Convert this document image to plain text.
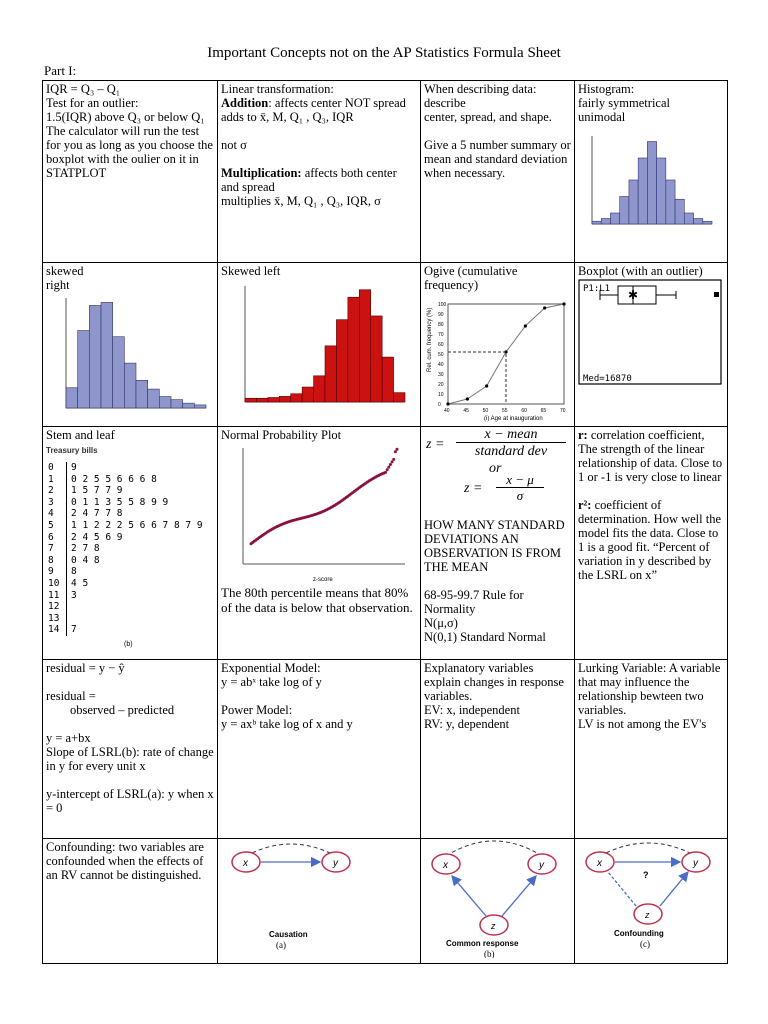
Important Concepts not on the AP Statistics Formula Sheet
Part I:

IQR = Q₃ – Q₁

Test for an outlier:

1.5(IQR) above Q₃ or below Q₁

The calculator will run the test for you as long as you choose the boxplot with the oulier on it in STATPLOT

Linear transformation:

Addition: affects center NOT spread

adds to x̄, M, Q₁ , Q₃, IQR

not σ

Multiplication: affects both center and spread

multiplies x̄, M, Q₁ , Q₃, IQR, σ

When describing data: describe

center, spread, and shape.

Give a 5 number summary or mean and standard deviation when necessary.

Histogram:

fairly symmetrical

unimodal

skewed

right

Skewed left	Ogive (cumulative frequency)

Rel. cum. frequency (%)
(i) Age at inauguration
0
10
20
30
40
50
60
70
80
90
100
40	45	50	55	60	65	70

Boxplot (with an outlier)

P1:L1 ✱
Med=16870

Stem and leaf

Treasury bills
0	9
1	0 2 5 5 6 6 6 8
2	1 5 7 7 9
3	0 1 1 3 5 5 8 9 9
4	2 4 7 7 8
5	1 1 2 2 2 5 6 6 7 8 7 9
6	2 4 5 6 9
7	2 7 8
8	0 4 8
9	8
10	4 5
11	3
12	
13	
14	7
(b)

Normal Probability Plot

z-score

The 80th percentile means that 80% of the data is below that observation.

z =
x − mean
standard dev
or
z =
x − μ
σ

HOW MANY STANDARD DEVIATIONS AN OBSERVATION IS FROM THE MEAN

68-95-99.7 Rule for Normality

N(μ,σ)

N(0,1) Standard Normal

r: correlation coefficient, The strength of the linear relationship of data. Close to 1 or -1 is very close to linear

r²: coefficient of determination. How well the model fits the data. Close to 1 is a good fit. “Percent of variation in y described by the LSRL on x”

residual = y − ŷ

residual =

observed – predicted

y = a+bx

Slope of LSRL(b): rate of change in y for every unit x

y-intercept of LSRL(a): y when x = 0

Exponential Model:

y = abˣ take log of y

Power Model:

y = axᵇ take log of x and y

Explanatory variables explain changes in response variables.

EV: x, independent

RV: y, dependent

Lurking Variable: A variable that may influence the relationship bewteen two variables.

LV is not among the EV's

Confounding: two variables are confounded when the effects of an RV cannot be distinguished.

x	y
Causation
(a)

x	y
z
Common response
(b)

x	y
z
?
Confounding
(c)
